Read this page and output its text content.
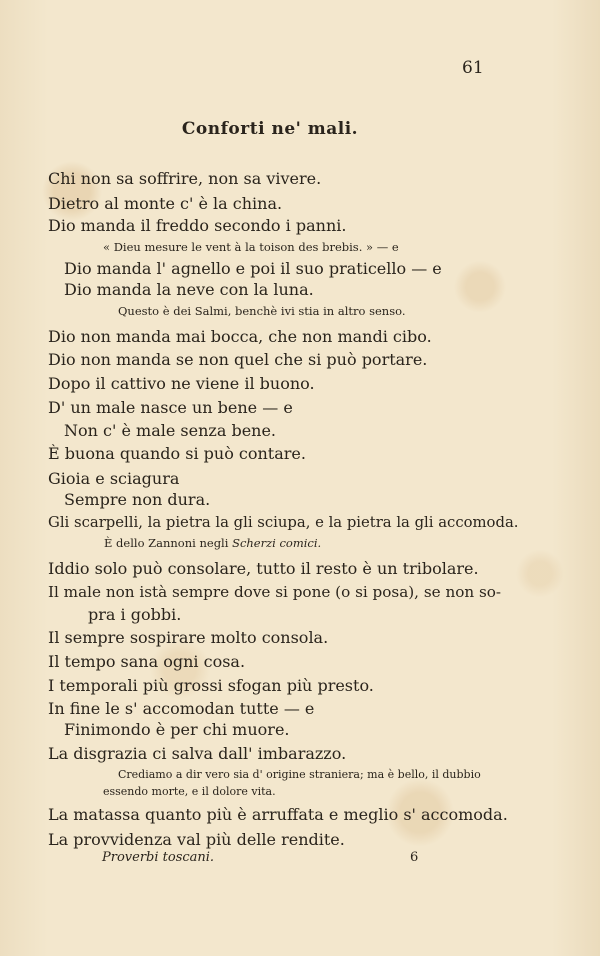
61
Conforti ne' mali.
Chi non sa soffrire, non sa vivere.
Dietro al monte c' è la china.
Dio manda il freddo secondo i panni.
« Dieu mesure le vent à la toison des brebis. » — e
Dio manda l' agnello e poi il suo praticello — e
Dio manda la neve con la luna.
Questo è dei Salmi, benchè ivi stia in altro senso.
Dio non manda mai bocca, che non mandi cibo.
Dio non manda se non quel che si può portare.
Dopo il cattivo ne viene il buono.
D' un male nasce un bene — e
Non c' è male senza bene.
È buona quando si può contare.
Gioia e sciagura
Sempre non dura.
Gli scarpelli, la pietra la gli sciupa, e la pietra la gli accomoda.
È dello Zannoni negli Scherzi comici.
Iddio solo può consolare, tutto il resto è un tribolare.
Il male non istà sempre dove si pone (o si posa), se non so-
pra i gobbi.
Il sempre sospirare molto consola.
Il tempo sana ogni cosa.
I temporali più grossi sfogan più presto.
In fine le s' accomodan tutte — e
Finimondo è per chi muore.
La disgrazia ci salva dall' imbarazzo.
Crediamo a dir vero sia d' origine straniera; ma è bello, il dubbio
essendo morte, e il dolore vita.
La matassa quanto più è arruffata e meglio s' accomoda.
La provvidenza val più delle rendite.
Proverbi toscani.	6
